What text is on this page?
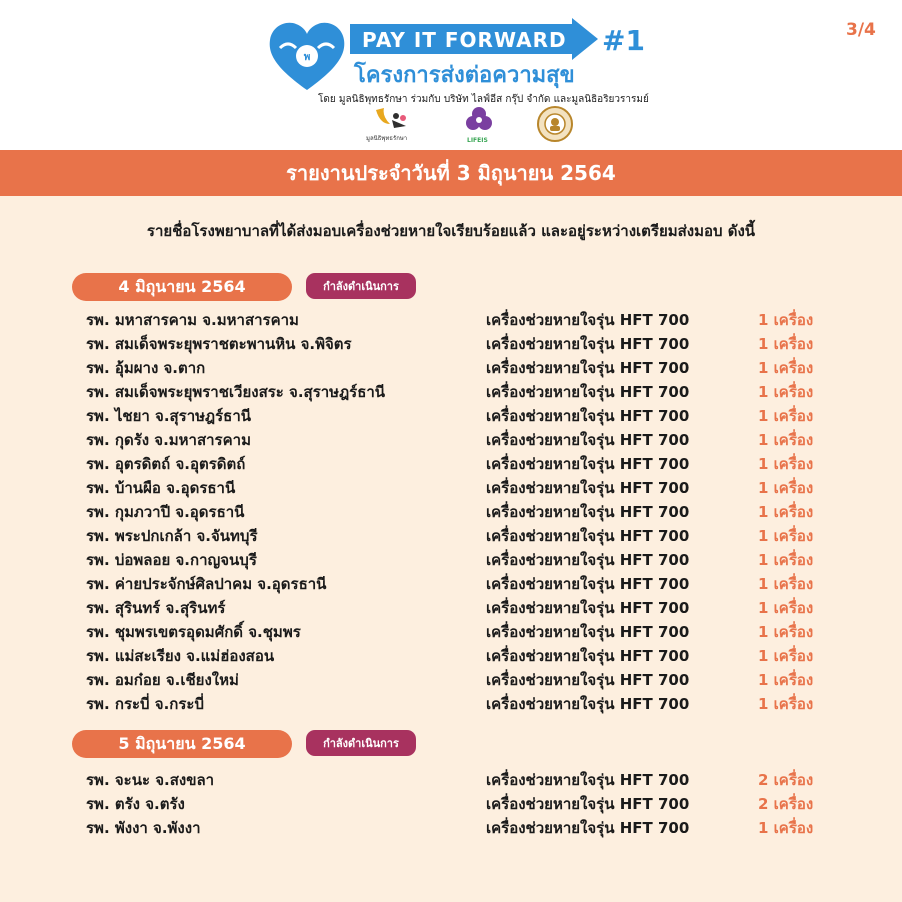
พ
PAY IT FORWARD #1
โครงการส่งต่อความสุข
โดย มูลนิธิพุทธรักษา ร่วมกับ บริษัท ไลฟ์อีส กรุ๊ป จำกัด และมูลนิธิอริยวรารมย์
มูลนิธิพุทธรักษา	LIFEIS
3/4
รายงานประจำวันที่ 3 มิถุนายน 2564
รายชื่อโรงพยาบาลที่ได้ส่งมอบเครื่องช่วยหายใจเรียบร้อยแล้ว และอยู่ระหว่างเตรียมส่งมอบ ดังนี้
4 มิถุนายน 2564	กำลังดำเนินการ
รพ. มหาสารคาม จ.มหาสารคาม	เครื่องช่วยหายใจรุ่น HFT 700	1 เครื่อง
รพ. สมเด็จพระยุพราชตะพานหิน จ.พิจิตร	เครื่องช่วยหายใจรุ่น HFT 700	1 เครื่อง
รพ. อุ้มผาง จ.ตาก	เครื่องช่วยหายใจรุ่น HFT 700	1 เครื่อง
รพ. สมเด็จพระยุพราชเวียงสระ จ.สุราษฎร์ธานี	เครื่องช่วยหายใจรุ่น HFT 700	1 เครื่อง
รพ. ไชยา จ.สุราษฎร์ธานี	เครื่องช่วยหายใจรุ่น HFT 700	1 เครื่อง
รพ. กุดรัง จ.มหาสารคาม	เครื่องช่วยหายใจรุ่น HFT 700	1 เครื่อง
รพ. อุตรดิตถ์ จ.อุตรดิตถ์	เครื่องช่วยหายใจรุ่น HFT 700	1 เครื่อง
รพ. บ้านผือ จ.อุดรธานี	เครื่องช่วยหายใจรุ่น HFT 700	1 เครื่อง
รพ. กุมภวาปี จ.อุดรธานี	เครื่องช่วยหายใจรุ่น HFT 700	1 เครื่อง
รพ. พระปกเกล้า จ.จันทบุรี	เครื่องช่วยหายใจรุ่น HFT 700	1 เครื่อง
รพ. บ่อพลอย จ.กาญจนบุรี	เครื่องช่วยหายใจรุ่น HFT 700	1 เครื่อง
รพ. ค่ายประจักษ์ศิลปาคม จ.อุดรธานี	เครื่องช่วยหายใจรุ่น HFT 700	1 เครื่อง
รพ. สุรินทร์ จ.สุรินทร์	เครื่องช่วยหายใจรุ่น HFT 700	1 เครื่อง
รพ. ชุมพรเขตรอุดมศักดิ์ จ.ชุมพร	เครื่องช่วยหายใจรุ่น HFT 700	1 เครื่อง
รพ. แม่สะเรียง จ.แม่ฮ่องสอน	เครื่องช่วยหายใจรุ่น HFT 700	1 เครื่อง
รพ. อมก๋อย จ.เชียงใหม่	เครื่องช่วยหายใจรุ่น HFT 700	1 เครื่อง
รพ. กระบี่ จ.กระบี่	เครื่องช่วยหายใจรุ่น HFT 700	1 เครื่อง
5 มิถุนายน 2564	กำลังดำเนินการ
รพ. จะนะ จ.สงขลา	เครื่องช่วยหายใจรุ่น HFT 700	2 เครื่อง
รพ. ตรัง จ.ตรัง	เครื่องช่วยหายใจรุ่น HFT 700	2 เครื่อง
รพ. พังงา จ.พังงา	เครื่องช่วยหายใจรุ่น HFT 700	1 เครื่อง
